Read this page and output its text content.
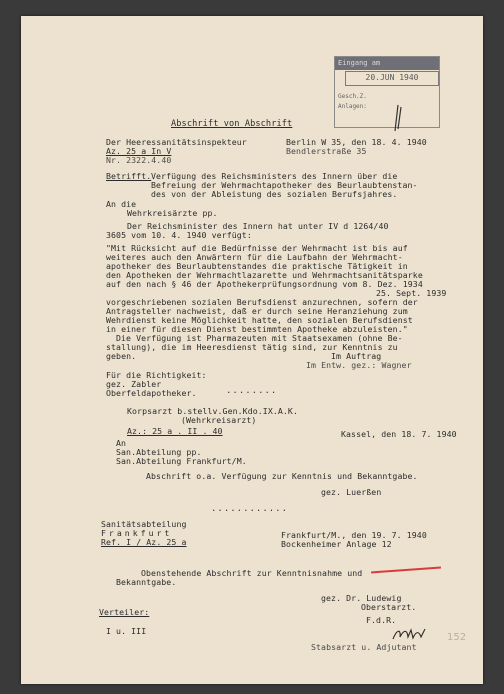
Eingang am
20.JUN 1940
Gesch.Z.
Anlagen:
Abschrift von Abschrift
Der Heeressanitätsinspekteur
Az. 25 a In V
Nr. 2322.4.40
Berlin W 35, den 18. 4. 1940
Bendlerstraße 35
Betrifft. Verfügung des Reichsministers des Innern über die
Befreiung der Wehrmachtapotheker des Beurlaubtenstan-
des von der Ableistung des sozialen Berufsjahres.
An die
Wehrkreisärzte pp.
Der Reichsminister des Innern hat unter IV d 1264/40
3605 vom 10. 4. 1940 verfügt:
"Mit Rücksicht auf die Bedürfnisse der Wehrmacht ist bis auf
weiteres auch den Anwärtern für die Laufbahn der Wehrmacht-
apotheker des Beurlaubtenstandes die praktische Tätigkeit in
den Apotheken der Wehrmachtlazarette und Wehrmachtsanitätsparke
auf den nach § 46 der Apothekerprüfungsordnung vom 8. Dez. 1934
25. Sept. 1939
vorgeschriebenen sozialen Berufsdienst anzurechnen, sofern der
Antragsteller nachweist, daß er durch seine Heranziehung zum
Wehrdienst keine Möglichkeit hatte, den sozialen Berufsdienst
in einer für diesen Dienst bestimmten Apotheke abzuleisten."
Die Verfügung ist Pharmazeuten mit Staatsexamen (ohne Be-
stallung), die im Heeresdienst tätig sind, zur Kenntnis zu
geben.	Im Auftrag
Im Entw. gez.: Wagner
Für die Richtigkeit:
gez. Zabler
Oberfeldapotheker.	........
Korpsarzt b.stellv.Gen.Kdo.IX.A.K.
(Wehrkreisarzt)
Az.: 25 a . II . 40	Kassel, den 18. 7. 1940
An
San.Abteilung pp.
San.Abteilung Frankfurt/M.
Abschrift o.a. Verfügung zur Kenntnis und Bekanntgabe.
gez. Luerßen
............
Sanitätsabteilung
Frankfurt
Ref. I / Az. 25 a
Frankfurt/M., den 19. 7. 1940
Bockenheimer Anlage 12
Obenstehende Abschrift zur Kenntnisnahme und
Bekanntgabe.
gez. Dr. Ludewig
Oberstarzt.
Verteiler:
I u. III
F.d.R.
Stabsarzt u. Adjutant
152
